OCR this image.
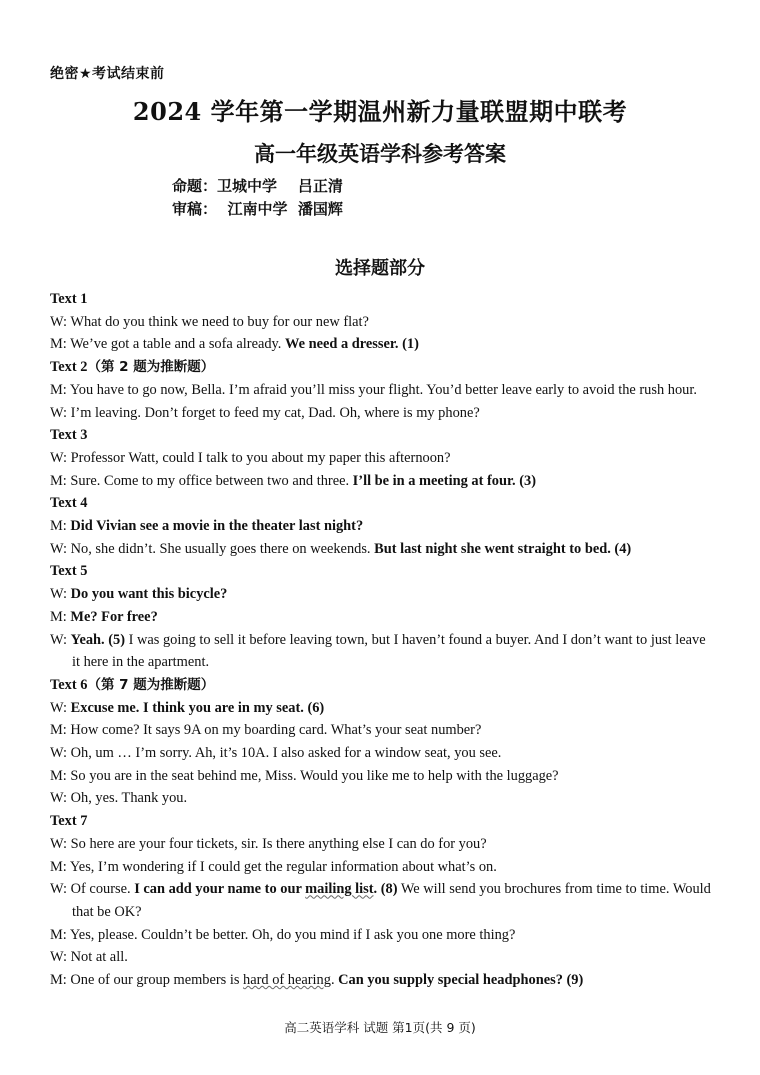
绝密★考试结束前
2024 学年第一学期温州新力量联盟期中联考
高一年级英语学科参考答案
命题：卫城中学    吕正清
审稿：  江南中学  潘国辉
选择题部分

Text 1

W: What do you think we need to buy for our new flat?

M: We’ve got a table and a sofa already. We need a dresser. (1)

Text 2（第 2 题为推断题）

M: You have to go now, Bella. I’m afraid you’ll miss your flight. You’d better leave early to avoid the rush hour.

W: I’m leaving. Don’t forget to feed my cat, Dad. Oh, where is my phone?

Text 3

W: Professor Watt, could I talk to you about my paper this afternoon?

M: Sure. Come to my office between two and three. I’ll be in a meeting at four. (3)

Text 4

M: Did Vivian see a movie in the theater last night?

W: No, she didn’t. She usually goes there on weekends. But last night she went straight to bed. (4)

Text 5

W: Do you want this bicycle?

M: Me? For free?

W: Yeah. (5) I was going to sell it before leaving town, but I haven’t found a buyer. And I don’t want to just leave it here in the apartment.

Text 6（第 7 题为推断题）

W: Excuse me. I think you are in my seat. (6)

M: How come? It says 9A on my boarding card. What’s your seat number?

W: Oh, um … I’m sorry. Ah, it’s 10A. I also asked for a window seat, you see.

M: So you are in the seat behind me, Miss. Would you like me to help with the luggage?

W: Oh, yes. Thank you.

Text 7

W: So here are your four tickets, sir. Is there anything else I can do for you?

M: Yes, I’m wondering if I could get the regular information about what’s on.

W: Of course. I can add your name to our mailing list. (8) We will send you brochures from time to time. Would that be OK?

M: Yes, please. Couldn’t be better. Oh, do you mind if I ask you one more thing?

W: Not at all.

M: One of our group members is hard of hearing. Can you supply special headphones? (9)

高二英语学科 试题 第1页(共 9 页)
